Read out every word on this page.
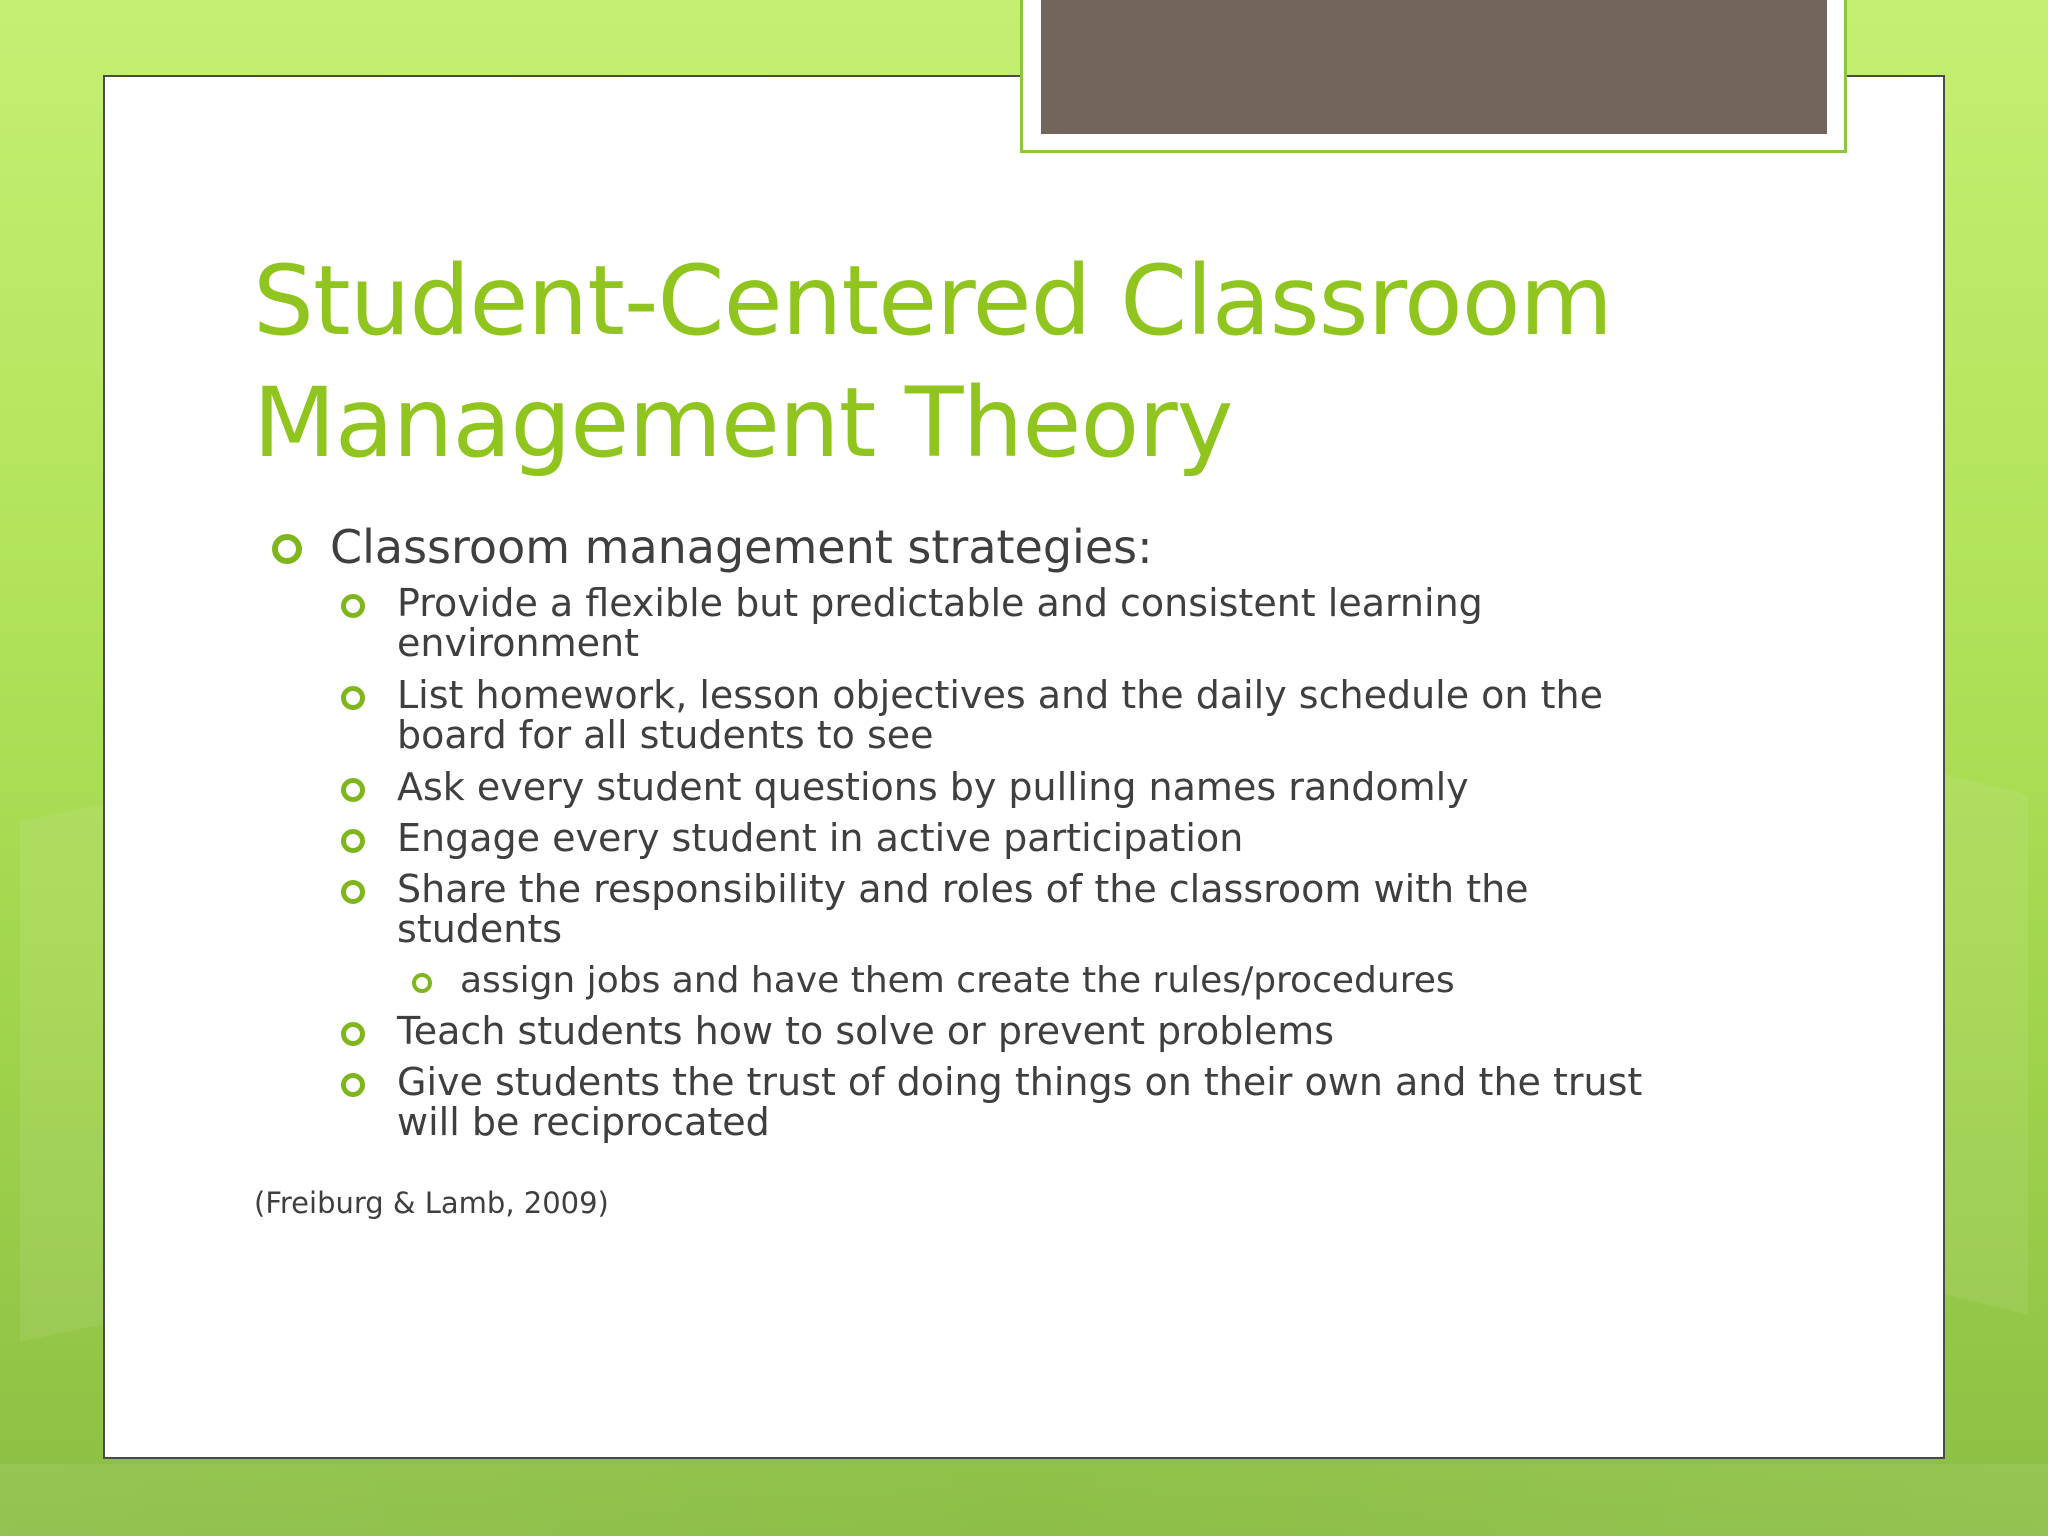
Student-Centered Classroom
Management Theory
Classroom management strategies:
Provide a flexible but predictable and consistent learning
environment
List homework, lesson objectives and the daily schedule on the
board for all students to see
Ask every student questions by pulling names randomly
Engage every student in active participation
Share the responsibility and roles of the classroom with the
students
assign jobs and have them create the rules/procedures
Teach students how to solve or prevent problems
Give students the trust of doing things on their own and the trust
will be reciprocated
(Freiburg & Lamb, 2009)
